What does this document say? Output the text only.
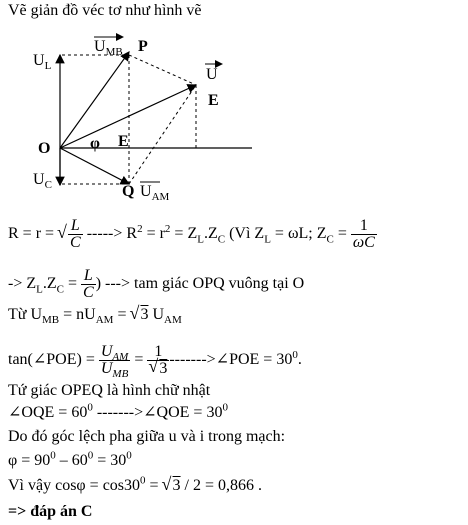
Vẽ giản đồ véc tơ như hình vẽ
$U_L$
$U_{MB}$ P
U
E
O φ E
$U_C$	Q $U_{AM}$
R = r = √ $\frac{L}{C}$ -----> $R^2 = r^2 = Z_L.Z_C$ (Vì $Z_L = \omega L$; $Z_C = \frac{1}{\omega C}$
-> $Z_L.Z_C = \frac{L}{C}$ ) ---> tam giác OPQ vuông tại O
Từ $U_{MB} = nU_{AM}$ = √ 3 $U_{AM}$
tan(∠POE) = $\frac{U_{AM}}{U_{MB}} = 1$
√ 3 ------->∠POE = $30^0$.
Tứ giác OPEQ là hình chữ nhật
∠OQE = $60^0$ ------->∠QOE = $30^0$
Do đó góc lệch pha giữa u và i trong mạch:
$\varphi = 90^0 - 60^0 = 30^0$
Vì vậy $\cos\varphi = \cos 30^0$ = √ 3 / 2 = 0,866 .
=> đáp án C
